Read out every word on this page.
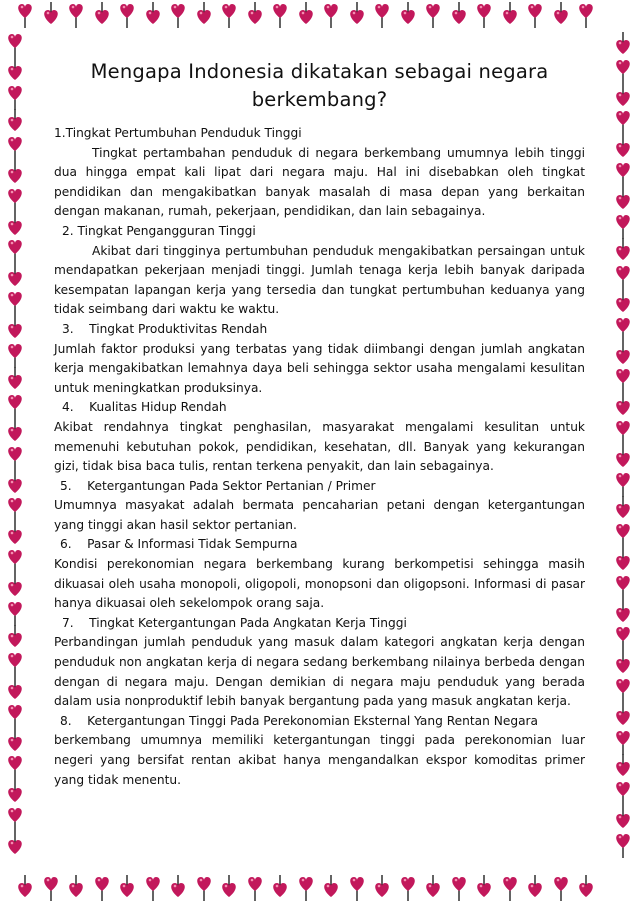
Mengapa Indonesia dikatakan sebagai negara
berkembang?

1.Tingkat Pertumbuhan Penduduk Tinggi

Tingkat pertambahan penduduk di negara berkembang umumnya lebih tinggi dua hingga empat kali lipat dari negara maju. Hal ini disebabkan oleh tingkat pendidikan dan mengakibatkan banyak masalah di masa depan yang berkaitan dengan makanan, rumah, pekerjaan, pendidikan, dan lain sebagainya.

2. Tingkat Pengangguran Tinggi

Akibat dari tingginya pertumbuhan penduduk mengakibatkan persaingan untuk mendapatkan pekerjaan menjadi tinggi. Jumlah tenaga kerja lebih banyak daripada kesempatan lapangan kerja yang tersedia dan tungkat pertumbuhan keduanya yang tidak seimbang dari waktu ke waktu.

3.    Tingkat Produktivitas Rendah

Jumlah faktor produksi yang terbatas yang tidak diimbangi dengan jumlah angkatan kerja mengakibatkan lemahnya daya beli sehingga sektor usaha mengalami kesulitan untuk meningkatkan produksinya.

4.    Kualitas Hidup Rendah

Akibat rendahnya tingkat penghasilan, masyarakat mengalami kesulitan untuk memenuhi kebutuhan pokok, pendidikan, kesehatan, dll. Banyak yang kekurangan gizi, tidak bisa baca tulis, rentan terkena penyakit, dan lain sebagainya.

5.    Ketergantungan Pada Sektor Pertanian / Primer

Umumnya masyakat adalah bermata pencaharian petani dengan ketergantungan yang tinggi akan hasil sektor pertanian.

6.    Pasar & Informasi Tidak Sempurna

Kondisi perekonomian negara berkembang kurang berkompetisi sehingga masih dikuasai oleh usaha monopoli, oligopoli, monopsoni dan oligopsoni. Informasi di pasar hanya dikuasai oleh sekelompok orang saja.

7.    Tingkat Ketergantungan Pada Angkatan Kerja Tinggi

Perbandingan jumlah penduduk yang masuk dalam kategori angkatan kerja dengan penduduk non angkatan kerja di negara sedang berkembang nilainya berbeda dengan dengan di negara maju. Dengan demikian di negara maju penduduk yang berada dalam usia nonproduktif lebih banyak bergantung pada yang masuk angkatan kerja.

8.    Ketergantungan Tinggi Pada Perekonomian Eksternal Yang Rentan Negara

berkembang umumnya memiliki ketergantungan tinggi pada perekonomian luar negeri yang bersifat rentan akibat hanya mengandalkan ekspor komoditas primer yang tidak menentu.
